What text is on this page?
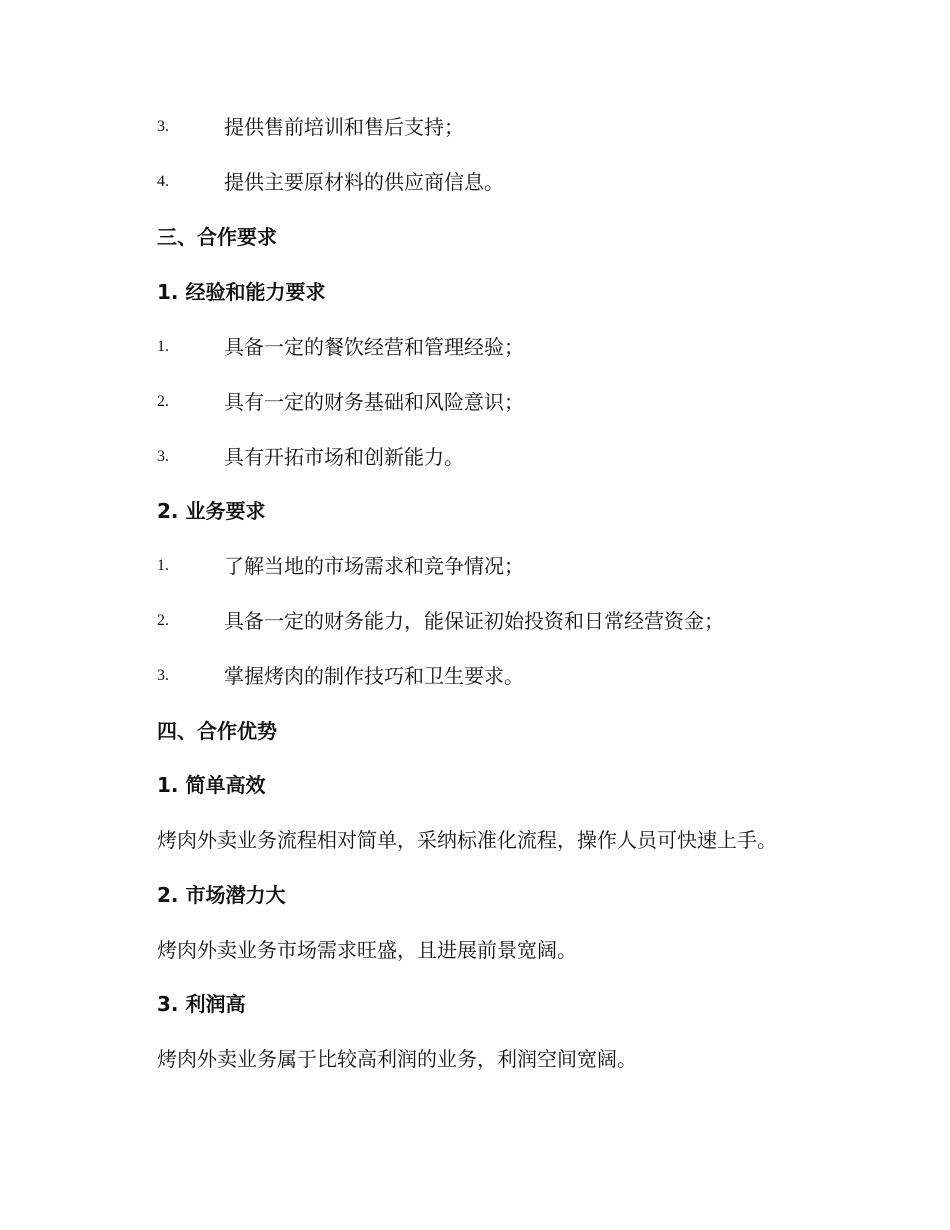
3.	提供售前培训和售后支持；
4.	提供主要原材料的供应商信息。
三、合作要求
1. 经验和能力要求
1.	具备一定的餐饮经营和管理经验；
2.	具有一定的财务基础和风险意识；
3.	具有开拓市场和创新能力。
2. 业务要求
1.	了解当地的市场需求和竞争情况；
2.	具备一定的财务能力，能保证初始投资和日常经营资金；
3.	掌握烤肉的制作技巧和卫生要求。
四、合作优势
1. 简单高效
烤肉外卖业务流程相对简单，采纳标准化流程，操作人员可快速上手。
2. 市场潜力大
烤肉外卖业务市场需求旺盛，且进展前景宽阔。
3. 利润高
烤肉外卖业务属于比较高利润的业务，利润空间宽阔。
